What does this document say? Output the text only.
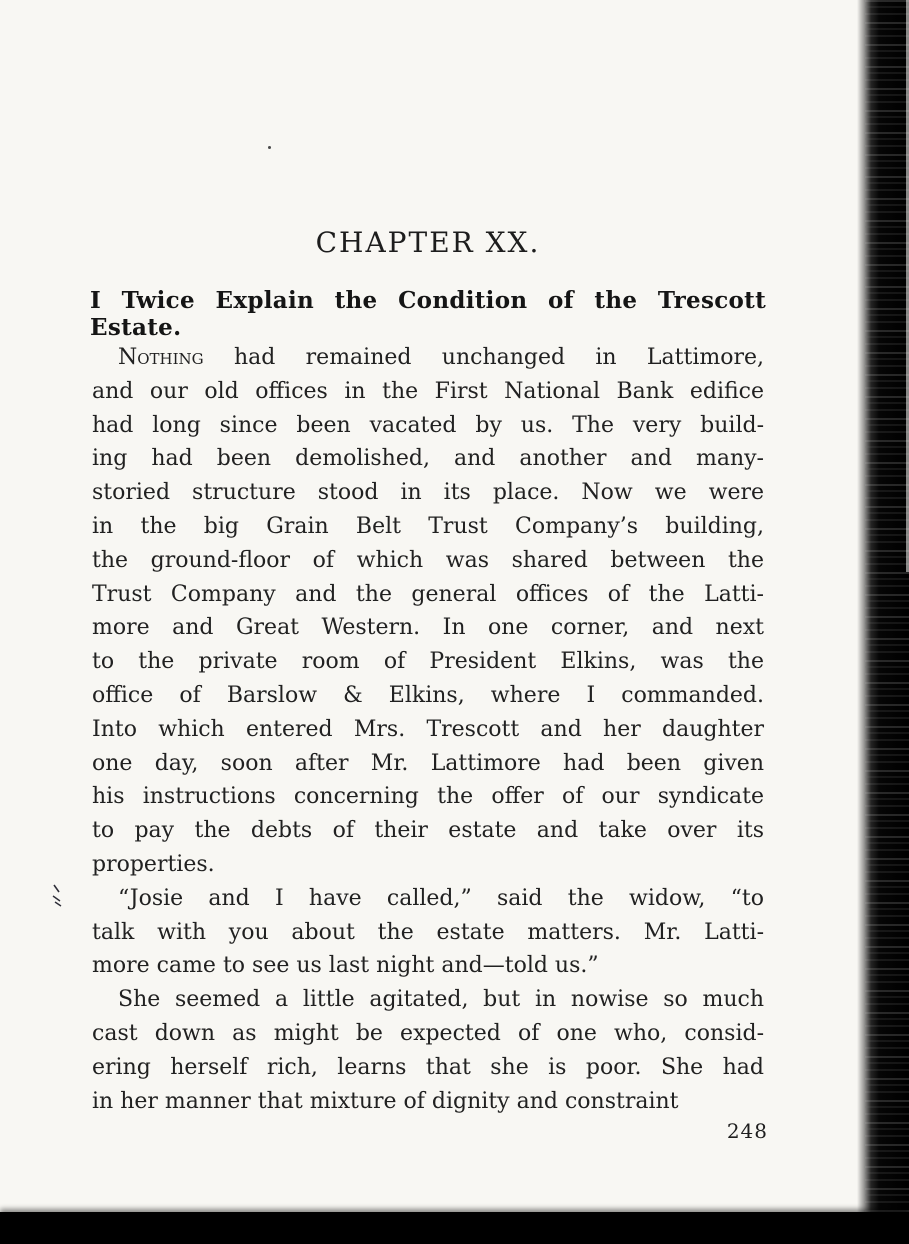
CHAPTER XX.
I Twice Explain the Condition of the Trescott Estate.
Nothing had remained unchanged in Lattimore,
and our old offices in the First National Bank edifice
had long since been vacated by us. The very build-
ing had been demolished, and another and many-
storied structure stood in its place. Now we were
in the big Grain Belt Trust Company’s building,
the ground-floor of which was shared between the
Trust Company and the general offices of the Latti-
more and Great Western. In one corner, and next
to the private room of President Elkins, was the
office of Barslow & Elkins, where I commanded.
Into which entered Mrs. Trescott and her daughter
one day, soon after Mr. Lattimore had been given
his instructions concerning the offer of our syndicate
to pay the debts of their estate and take over its
properties.
“Josie and I have called,” said the widow, “to
talk with you about the estate matters. Mr. Latti-
more came to see us last night and—told us.”
She seemed a little agitated, but in nowise so much
cast down as might be expected of one who, consid-
ering herself rich, learns that she is poor. She had
in her manner that mixture of dignity and constraint
248
